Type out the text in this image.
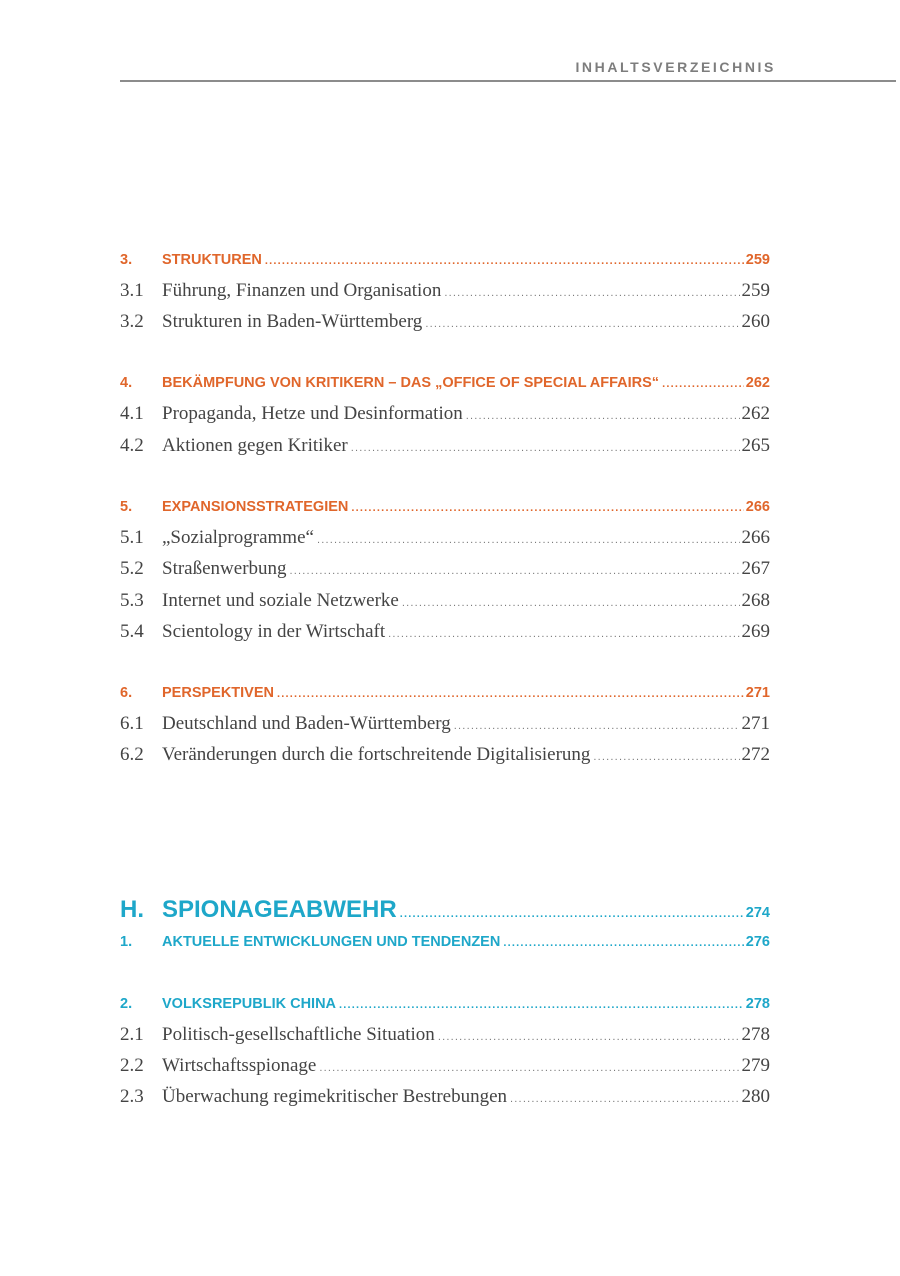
INHALTSVERZEICHNIS
3.	STRUKTUREN .....	259
3.1 Führung, Finanzen und Organisation .....	259
3.2 Strukturen in Baden-Württemberg .....	260
4.	BEKÄMPFUNG VON KRITIKERN – DAS „OFFICE OF SPECIAL AFFAIRS“ .....	262
4.1 Propaganda, Hetze und Desinformation .....	262
4.2 Aktionen gegen Kritiker .....	265
5.	EXPANSIONSSTRATEGIEN .....	266
5.1 „Sozialprogramme“ .....	266
5.2 Straßenwerbung .....	267
5.3 Internet und soziale Netzwerke .....	268
5.4 Scientology in der Wirtschaft .....	269
6.	PERSPEKTIVEN .....	271
6.1 Deutschland und Baden-Württemberg .....	271
6.2 Veränderungen durch die fortschreitende Digitalisierung .....	272
H. SPIONAGEABWEHR .....	274
1.	AKTUELLE ENTWICKLUNGEN UND TENDENZEN .....	276
2.	VOLKSREPUBLIK CHINA .....	278
2.1 Politisch-gesellschaftliche Situation .....	278
2.2 Wirtschaftsspionage .....	279
2.3 Überwachung regimekritischer Bestrebungen .....	280
